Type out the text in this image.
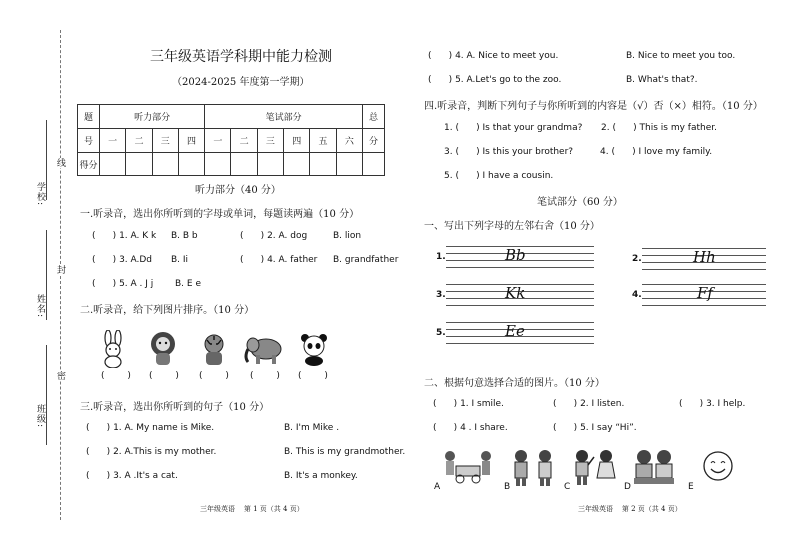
学校:
姓名:
班级:
线
封
密
三年级英语学科期中能力检测
（2024-2025 年度第一学期）
题	听力部分				笔试部分						总
号	一	二	三	四	一	二	三	四	五	六	分
得分											
听力部分（40 分）
一.听录音，选出你所听到的字母或单词，每题读两遍（10 分）
(      ) 1. A. K k B. B b	(      ) 2. A. dog	B. lion
(      ) 3. A.Dd B. Ii	(      ) 4. A. father B. grandfather
(      ) 5. A . J j B. E e
二.听录音，给下列图片排序。（10 分）
(        ) (        ) (        ) (        ) (        )
三.听录音，选出你所听到的句子（10 分）
(      ) 1. A. My name is Mike.	B. I'm Mike .
(      ) 2. A.This is my mother.	B. This is my grandmother.
(      ) 3. A .It's a cat.	B. It's a monkey.
三年级英语    第 1 页（共 4 页）
(      ) 4. A. Nice to meet you.	B. Nice to meet you too.
(      ) 5. A.Let's go to the zoo.	B. What's that?.
四.听录音，判断下列句子与你所听到的内容是（√）否（×）相符。（10 分）
1. (      ) Is that your grandma? 2. (      ) This is my father.
3. (      ) Is this your brother?	4. (      ) I love my family.
5. (      ) I have a cousin.
笔试部分（60 分）
一、写出下列字母的左邻右舍（10 分）
1.	Bb	2.	Hh
3.	Kk	4.	Ff
5.	Ee
二、根据句意选择合适的图片。（10 分）
(      ) 1. I smile.	(      ) 2. I listen.	(      ) 3. I help.
(      ) 4 . I share.	(      ) 5. I say “Hi”.
A	B	C	D	E
三年级英语    第 2 页（共 4 页）
